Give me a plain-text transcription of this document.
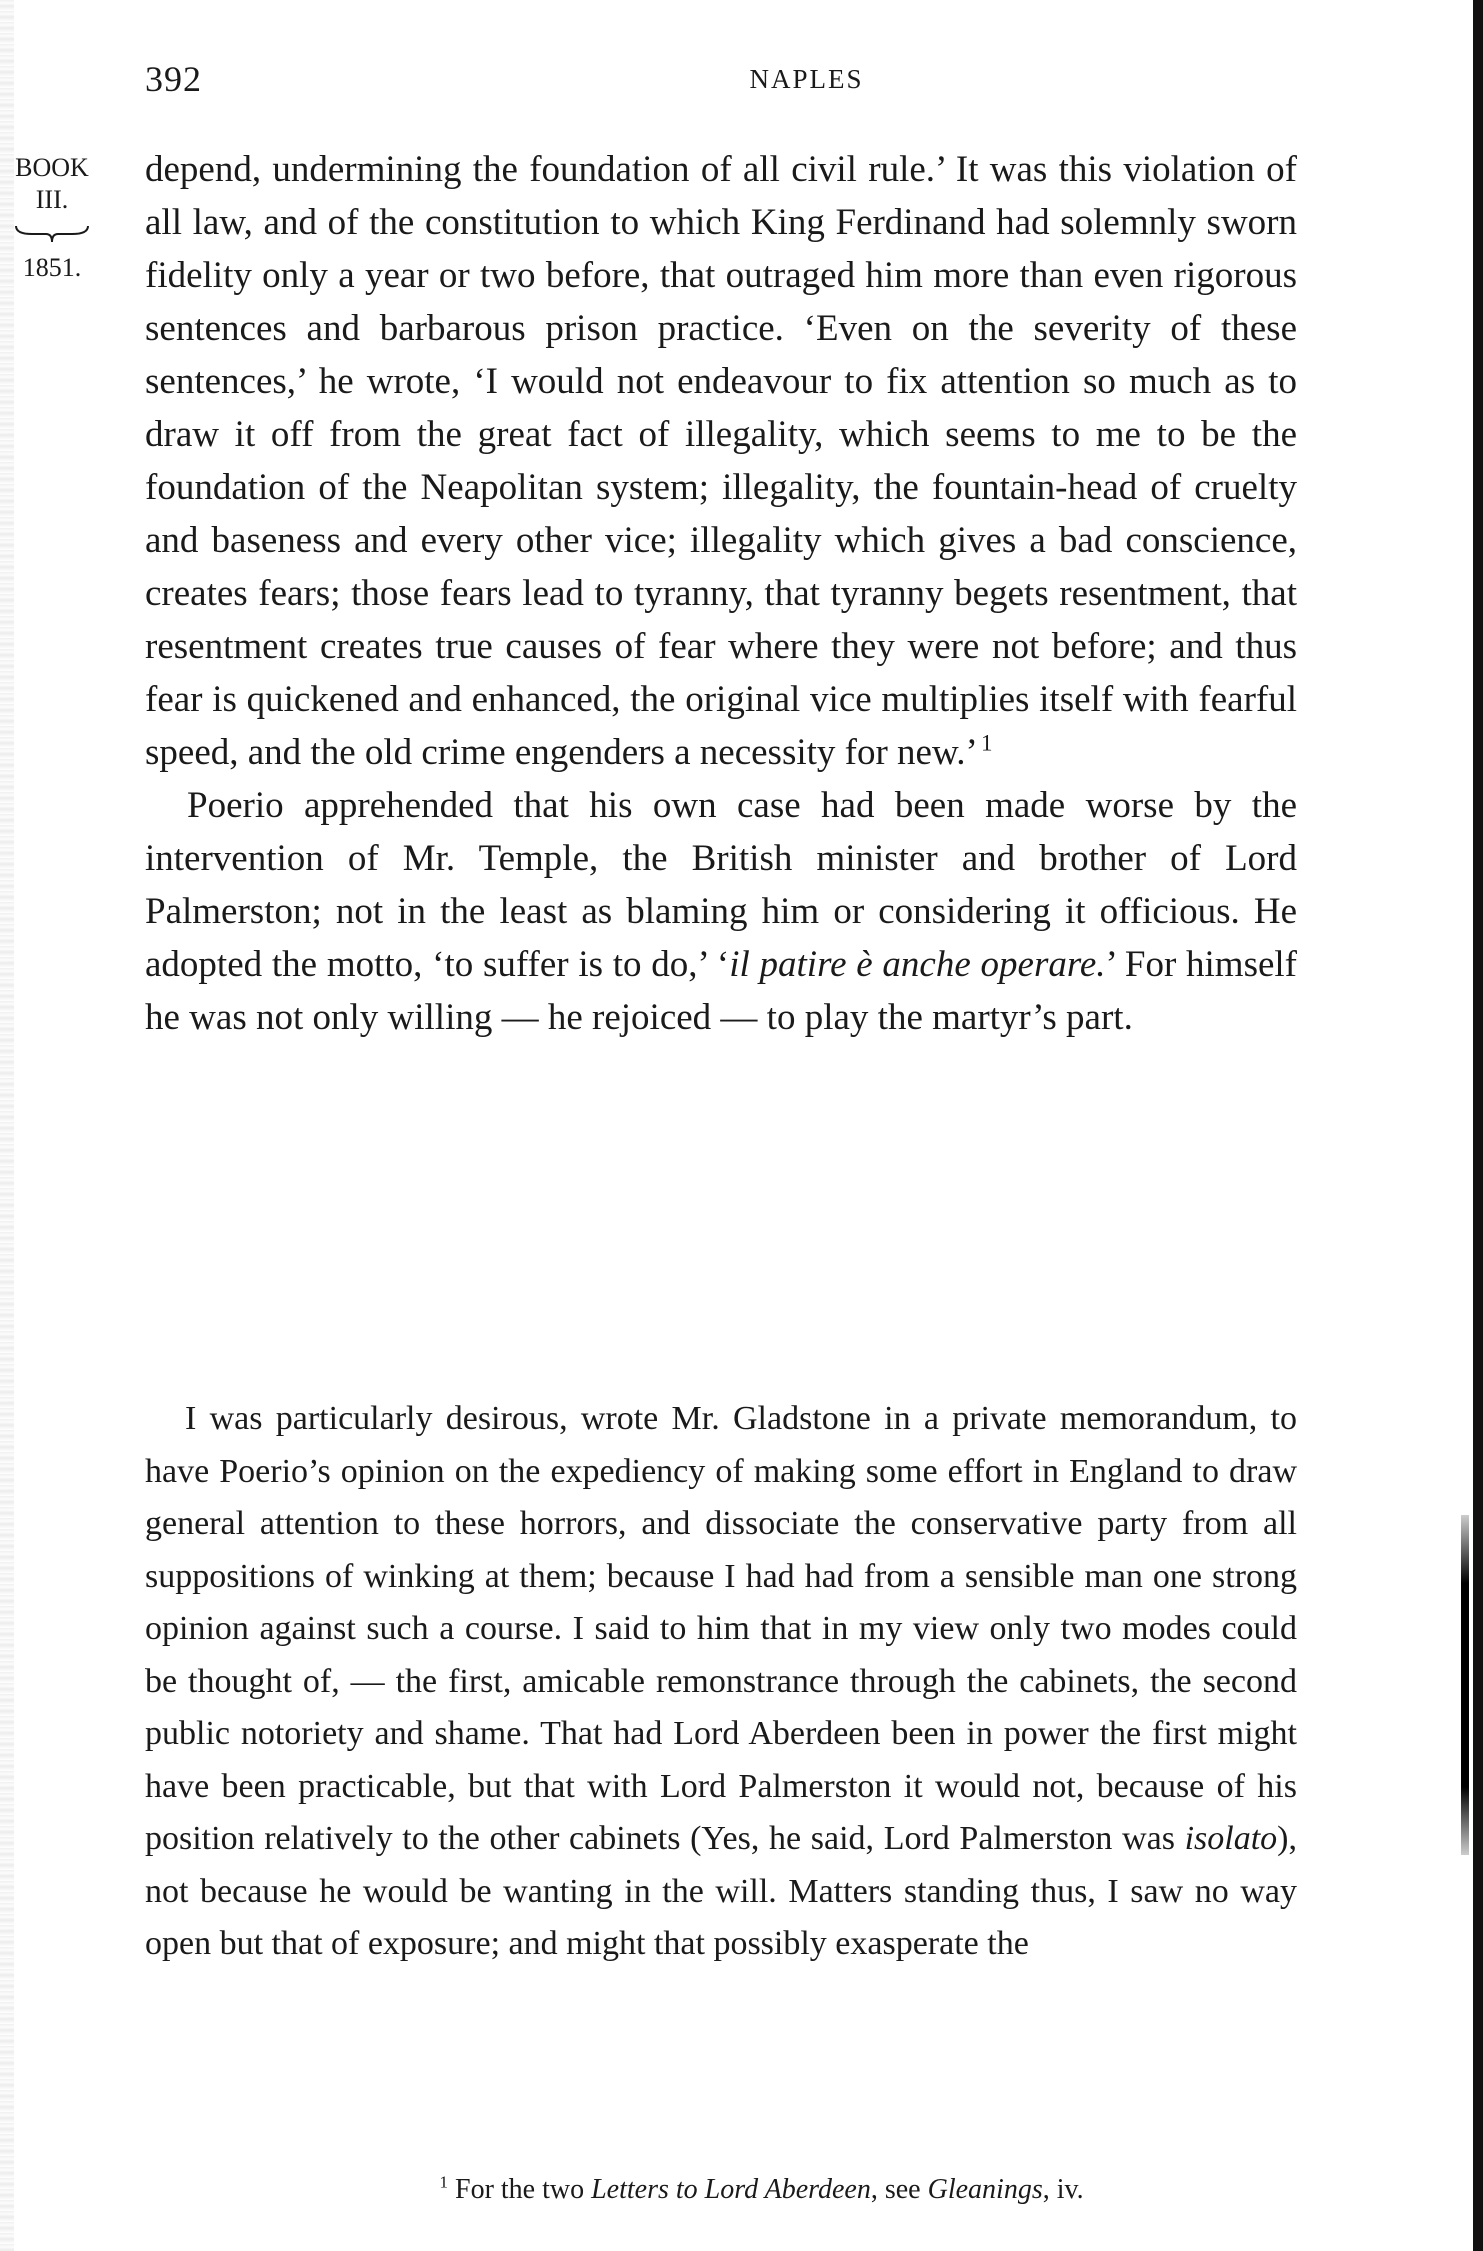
392	NAPLES
BOOK
III.
1851.

depend, undermining the foundation of all civil rule.’ It was this violation of all law, and of the constitution to which King Ferdinand had solemnly sworn fidelity only a year or two before, that outraged him more than even rigorous sentences and barbarous prison practice. ‘Even on the severity of these sentences,’ he wrote, ‘I would not endeavour to fix attention so much as to draw it off from the great fact of illegality, which seems to me to be the foundation of the Neapolitan system; illegality, the fountain-head of cruelty and baseness and every other vice; illegality which gives a bad conscience, creates fears; those fears lead to tyranny, that tyranny begets resentment, that resentment creates true causes of fear where they were not before; and thus fear is quickened and enhanced, the original vice multiplies itself with fearful speed, and the old crime engenders a necessity for new.’  $^1$

Poerio apprehended that his own case had been made worse by the intervention of Mr. Temple, the British minister and brother of Lord Palmerston; not in the least as blaming him or considering it officious. He adopted the motto, ‘to suffer is to do,’ ‘il patire è anche operare.’ For himself he was not only willing — he rejoiced — to play the martyr’s part.

I was particularly desirous, wrote Mr. Gladstone in a private memorandum, to have Poerio’s opinion on the expediency of making some effort in England to draw general attention to these horrors, and dissociate the conservative party from all suppositions of winking at them; because I had had from a sensible man one strong opinion against such a course. I said to him that in my view only two modes could be thought of, — the first, amicable remonstrance through the cabinets, the second public notoriety and shame. That had Lord Aberdeen been in power the first might have been practicable, but that with Lord Palmerston it would not, because of his position relatively to the other cabinets (Yes, he said, Lord Palmerston was isolato), not because he would be wanting in the will. Matters standing thus, I saw no way open but that of exposure; and might that possibly exasperate the

$^1$ For the two Letters to Lord Aberdeen, see Gleanings, iv.
